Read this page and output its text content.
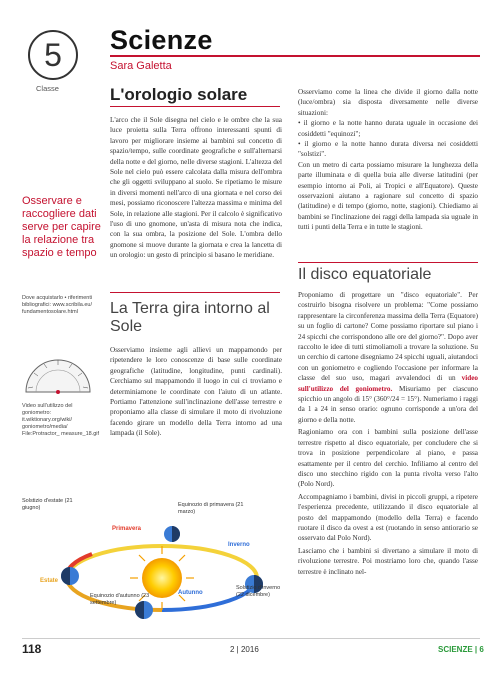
5
Classe
Scienze
Sara Galetta
L'orologio solare
L'arco che il Sole disegna nel cielo e le ombre che la sua luce proietta sulla Terra offrono interessanti spunti di lavoro per migliorare insieme ai bambini sul concetto di spazio/tempo, sulle coordinate geografiche e sull'alternarsi della notte e del giorno, nelle diverse stagioni. L'altezza del Sole nel cielo può essere calcolata dalla misura dell'ombra che gli oggetti sviluppano al suolo. Se ripetiamo le misure in diversi momenti nell'arco di una giornata e nel corso dei mesi, possiamo riconoscere l'altezza massima e minima del Sole, in relazione alle stagioni. Per il calcolo è significativo l'uso di uno gnomone, un'asta di misura nota che indica, con la sua ombra, la posizione del Sole. L'ombra dello gnomone si muove durante la giornata e crea la lancetta di un orologio: un gesto di principio si basano le meridiane.
Osservare e raccogliere dati serve per capire la relazione tra spazio e tempo
Dove acquistarlo • riferimenti bibliografici: www.scribila.eu/ fundamentosolare.html
Video sull'utilizzo del goniometro: it.wiktionary.org/wiki/ goniometro/media/ File:Protractor_ measure_18.gif
La Terra gira intorno al Sole
Osserviamo insieme agli allievi un mappamondo per ripetendere le loro conoscenze di base sulle coordinate geografiche (latitudine, longitudine, punti cardinali). Cerchiamo sul mappamondo il luogo in cui ci troviamo e determiniamone le coordinate con l'aiuto di un atlante. Portiamo l'attenzione sull'inclinazione dell'asse terrestre e proponiamo alla classe di simulare il moto di rivoluzione facendo girare un modello della Terra intorno ad una lampada (il Sole).

Osserviamo come la linea che divide il giorno dalla notte (luce/ombra) sia disposta diversamente nelle diverse situazioni:

• il giorno e la notte hanno durata uguale in occasione dei cosiddetti "equinozi";

• il giorno e la notte hanno durata diversa nei cosiddetti "solstizi".

Con un metro di carta possiamo misurare la lunghezza della parte illuminata e di quella buia alle diverse latitudini (per esempio intorno ai Poli, ai Tropici e all'Equatore). Queste osservazioni aiutano a ragionare sul concetto di spazio (latitudine) e di tempo (giorno, notte, stagioni). Chiediamo ai bambini se l'inclinazione dei raggi della lampada sia uguale in tutti i punti della Terra e in tutte le stagioni.

Il disco equatoriale

Proponiamo di progettare un "disco equatoriale". Per costruirlo bisogna risolvere un problema: "Come possiamo rappresentare la circonferenza massima della Terra (Equatore) su un foglio di cartone? Come possiamo riportare sul piano i 24 spicchi che corrispondono alle ore del giorno?". Dopo aver raccolto le idee di tutti stimoliamoli a trovare la soluzione. Su un cerchio di cartone disegniamo 24 spicchi uguali, aiutandoci con un goniometro e cogliendo l'occasione per informare la classe del suo uso, magari avvalendoci di un video sull'utilizzo del goniometro. Misuriamo per ciascuno spicchio un angolo di 15° (360°/24 = 15°). Numeriamo i raggi da 1 a 24 in senso orario: ognuno corrisponde a un'ora del giorno e della notte.

Ragioniamo ora con i bambini sulla posizione dell'asse terrestre rispetto al disco equatoriale, per concludere che si trova in posizione perpendicolare al piano, e passa esattamente per il centro del cerchio. Infiliamo al centro del disco uno stecchino rigido con la punta rivolta verso l'alto (Polo Nord).

Accompagniamo i bambini, divisi in piccoli gruppi, a ripetere l'esperienza precedente, utilizzando il disco equatoriale al posto del mappamondo (modello della Terra) e facendo ruotare il disco da ovest a est (ruotando in senso antiorario se osservato dal Polo Nord).

Lasciamo che i bambini si divertano a simulare il moto di rivoluzione terrestre. Poi mostriamo loro che, quando l'asse terrestre è inclinato nel-

Solstizio d'estate (21 giugno)	Equinozio di primavera (21 marzo)
Primavera
Inverno
Estate
Autunno
Equinozio d'autunno (23 settembre)
Solstizio d'inverno (22 dicembre)
118	2 | 2016	SCIENZE | 6
